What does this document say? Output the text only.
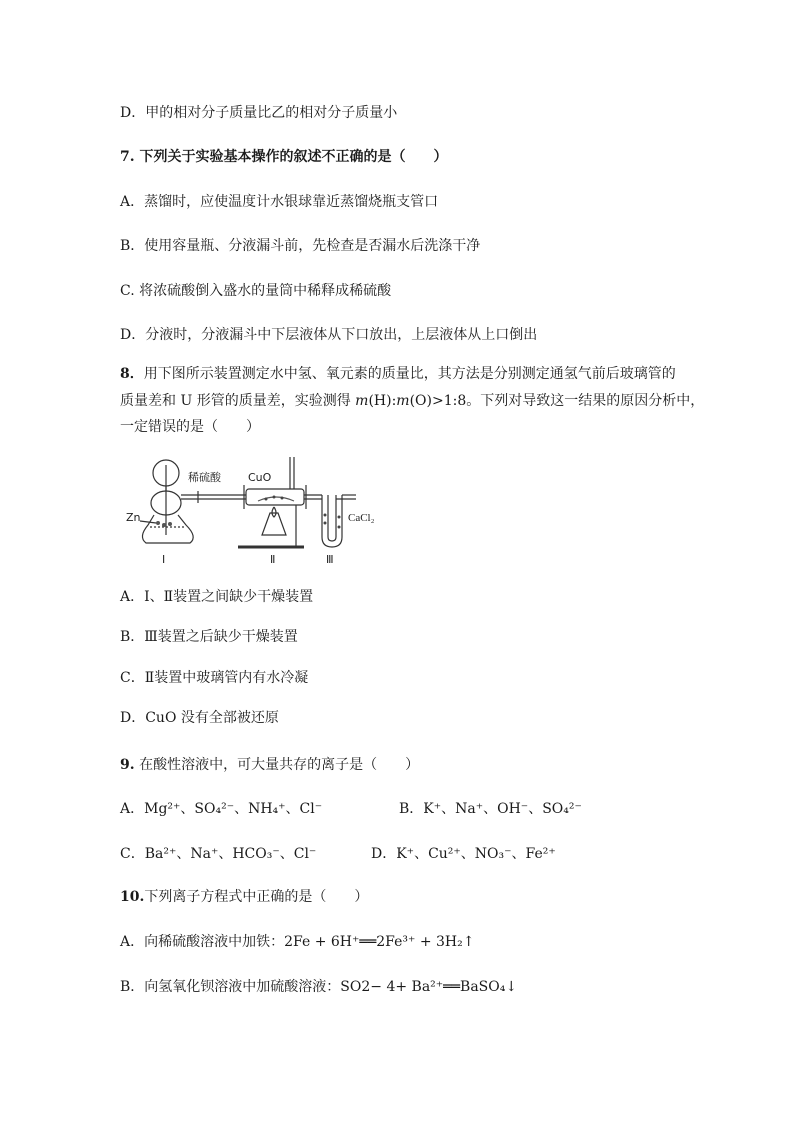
D．甲的相对分子质量比乙的相对分子质量小
7. 下列关于实验基本操作的叙述不正确的是（　　）
A．蒸馏时，应使温度计水银球靠近蒸馏烧瓶支管口
B．使用容量瓶、分液漏斗前，先检查是否漏水后洗涤干净
C. 将浓硫酸倒入盛水的量筒中稀释成稀硫酸
D．分液时，分液漏斗中下层液体从下口放出，上层液体从上口倒出
8．用下图所示装置测定水中氢、氧元素的质量比，其方法是分别测定通氢气前后玻璃管的
质量差和 U 形管的质量差，实验测得 m(H):m(O)>1:8。下列对导致这一结果的原因分析中，
一定错误的是（　　）
稀硫酸
Zn
Ⅰ
CuO
Ⅱ
CaCl₂
Ⅲ
A．Ⅰ、Ⅱ装置之间缺少干燥装置
B．Ⅲ装置之后缺少干燥装置
C．Ⅱ装置中玻璃管内有水冷凝
D．CuO 没有全部被还原
9. 在酸性溶液中，可大量共存的离子是（　　）
A．Mg²⁺、SO₄²⁻、NH₄⁺、Cl⁻	B．K⁺、Na⁺、OH⁻、SO₄²⁻
C．Ba²⁺、Na⁺、HCO₃⁻、Cl⁻	D．K⁺、Cu²⁺、NO₃⁻、Fe²⁺
10.下列离子方程式中正确的是（　　）
A．向稀硫酸溶液中加铁：2Fe + 6H⁺══2Fe³⁺ + 3H₂↑
B．向氢氧化钡溶液中加硫酸溶液：SO2− 4+ Ba²⁺══BaSO₄↓
